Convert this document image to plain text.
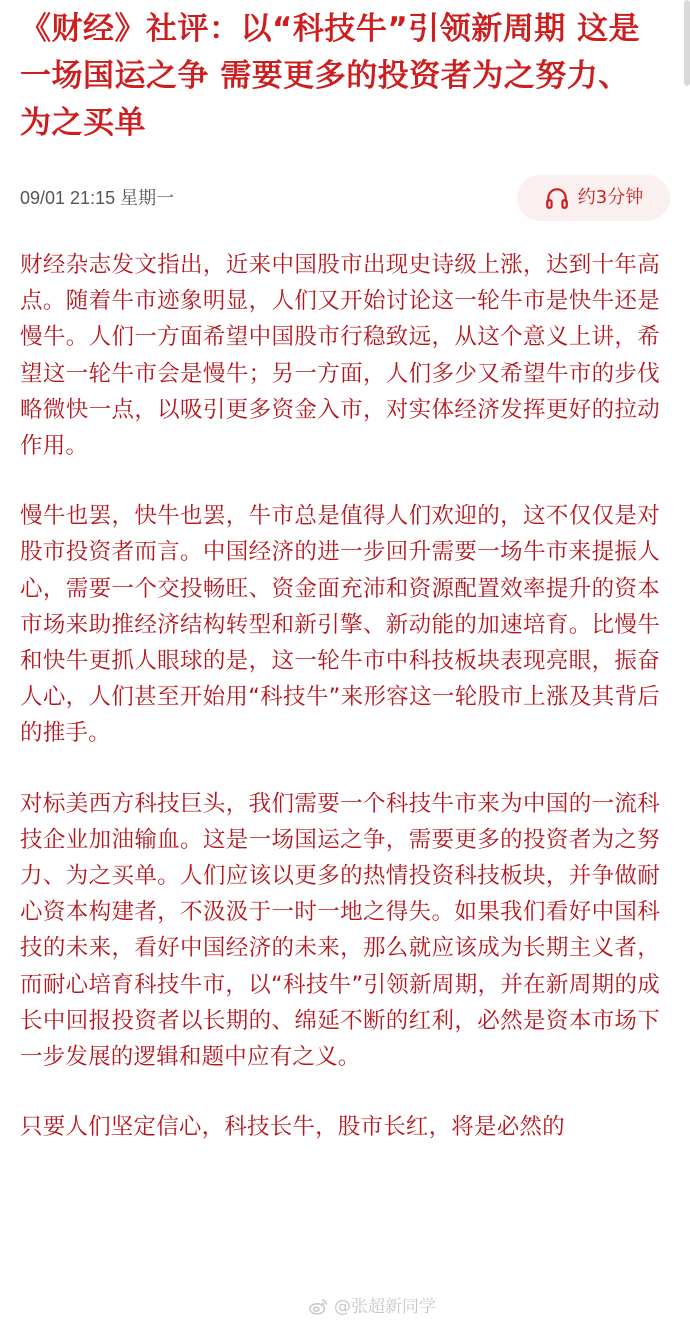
《财经》社评：以“科技牛”引领新周期 这是一场国运之争 需要更多的投资者为之努力、为之买单
09/01 21:15 星期一	约3分钟

财经杂志发文指出，近来中国股市出现史诗级上涨，达到十年高点。随着牛市迹象明显，人们又开始讨论这一轮牛市是快牛还是慢牛。人们一方面希望中国股市行稳致远，从这个意义上讲，希望这一轮牛市会是慢牛；另一方面，人们多少又希望牛市的步伐略微快一点，以吸引更多资金入市，对实体经济发挥更好的拉动作用。

慢牛也罢，快牛也罢，牛市总是值得人们欢迎的，这不仅仅是对股市投资者而言。中国经济的进一步回升需要一场牛市来提振人心，需要一个交投畅旺、资金面充沛和资源配置效率提升的资本市场来助推经济结构转型和新引擎、新动能的加速培育。比慢牛和快牛更抓人眼球的是，这一轮牛市中科技板块表现亮眼，振奋人心，人们甚至开始用“科技牛”来形容这一轮股市上涨及其背后的推手。

对标美西方科技巨头，我们需要一个科技牛市来为中国的一流科技企业加油输血。这是一场国运之争，需要更多的投资者为之努力、为之买单。人们应该以更多的热情投资科技板块，并争做耐心资本构建者，不汲汲于一时一地之得失。如果我们看好中国科技的未来，看好中国经济的未来，那么就应该成为长期主义者，而耐心培育科技牛市，以“科技牛”引领新周期，并在新周期的成长中回报投资者以长期的、绵延不断的红利，必然是资本市场下一步发展的逻辑和题中应有之义。

只要人们坚定信心，科技长牛，股市长红，将是必然的

@张超新同学
